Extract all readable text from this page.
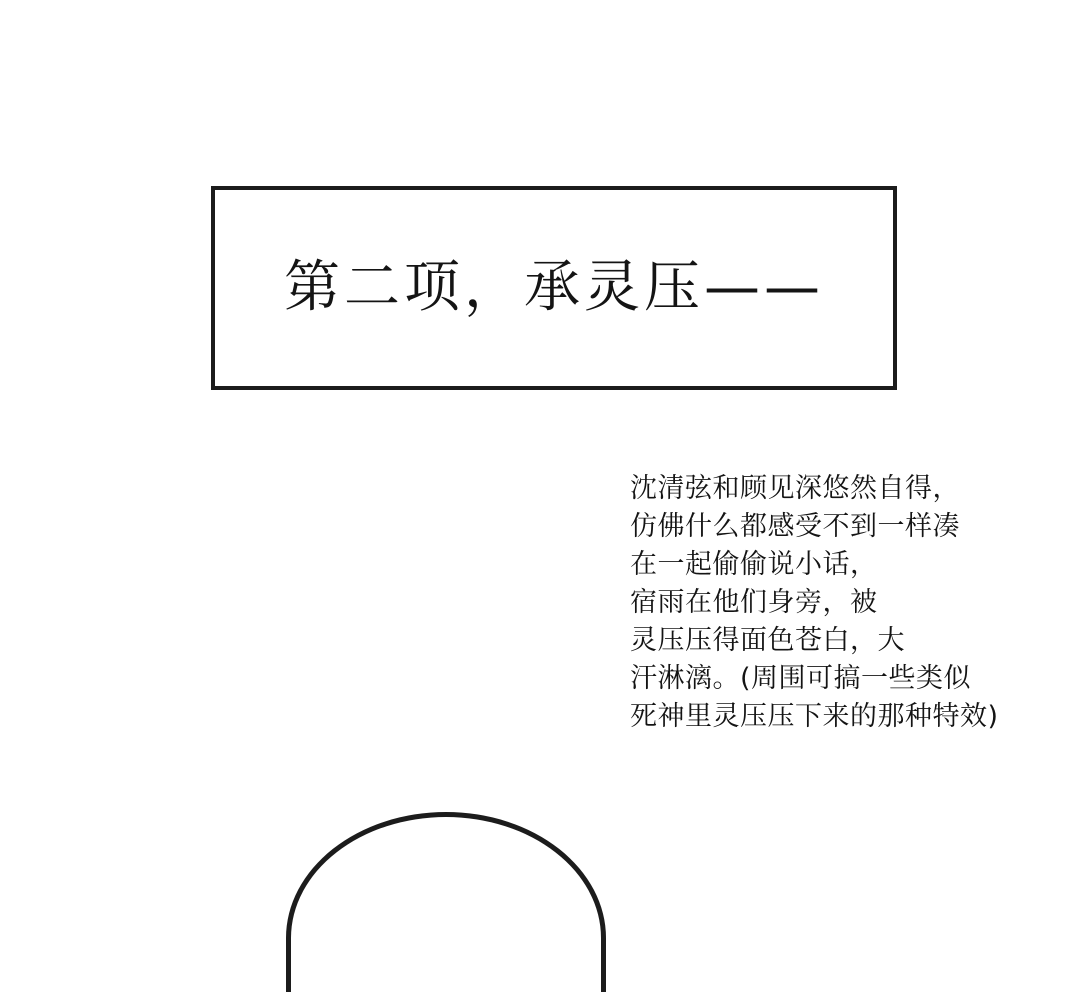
第二项，承灵压——
沈清弦和顾见深悠然自得，
仿佛什么都感受不到一样凑
在一起偷偷说小话，
宿雨在他们身旁，被
灵压压得面色苍白，大
汗淋漓。(周围可搞一些类似
死神里灵压压下来的那种特效)
